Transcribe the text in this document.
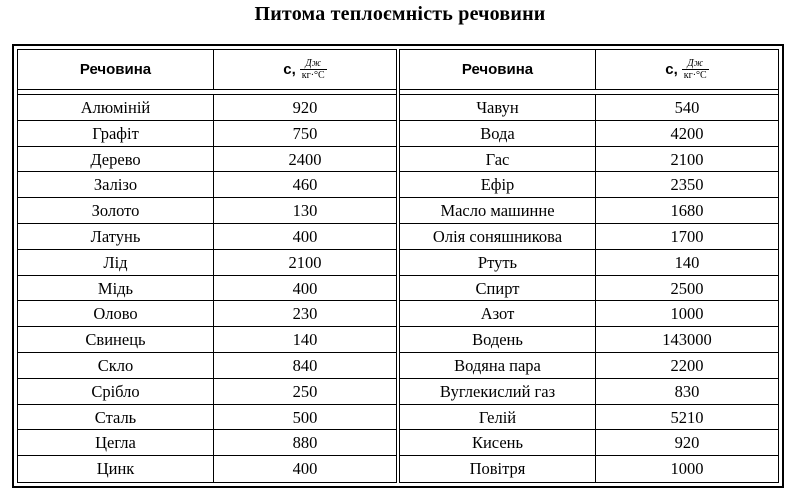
Питома теплоємність речовини
Речовина	c, $\frac{Дж}{кг\cdot^\circ C}$
Алюміній	920
Графіт	750
Дерево	2400
Залізо	460
Золото	130
Латунь	400
Лід	2100
Мідь	400
Олово	230
Свинець	140
Скло	840
Срібло	250
Сталь	500
Цегла	880
Цинк	400
Речовина	c, $\frac{Дж}{кг\cdot^\circ C}$
Чавун	540
Вода	4200
Гас	2100
Ефір	2350
Масло машинне	1680
Олія соняшникова	1700
Ртуть	140
Спирт	2500
Азот	1000
Водень	143000
Водяна пара	2200
Вуглекислий газ	830
Гелій	5210
Кисень	920
Повітря	1000
